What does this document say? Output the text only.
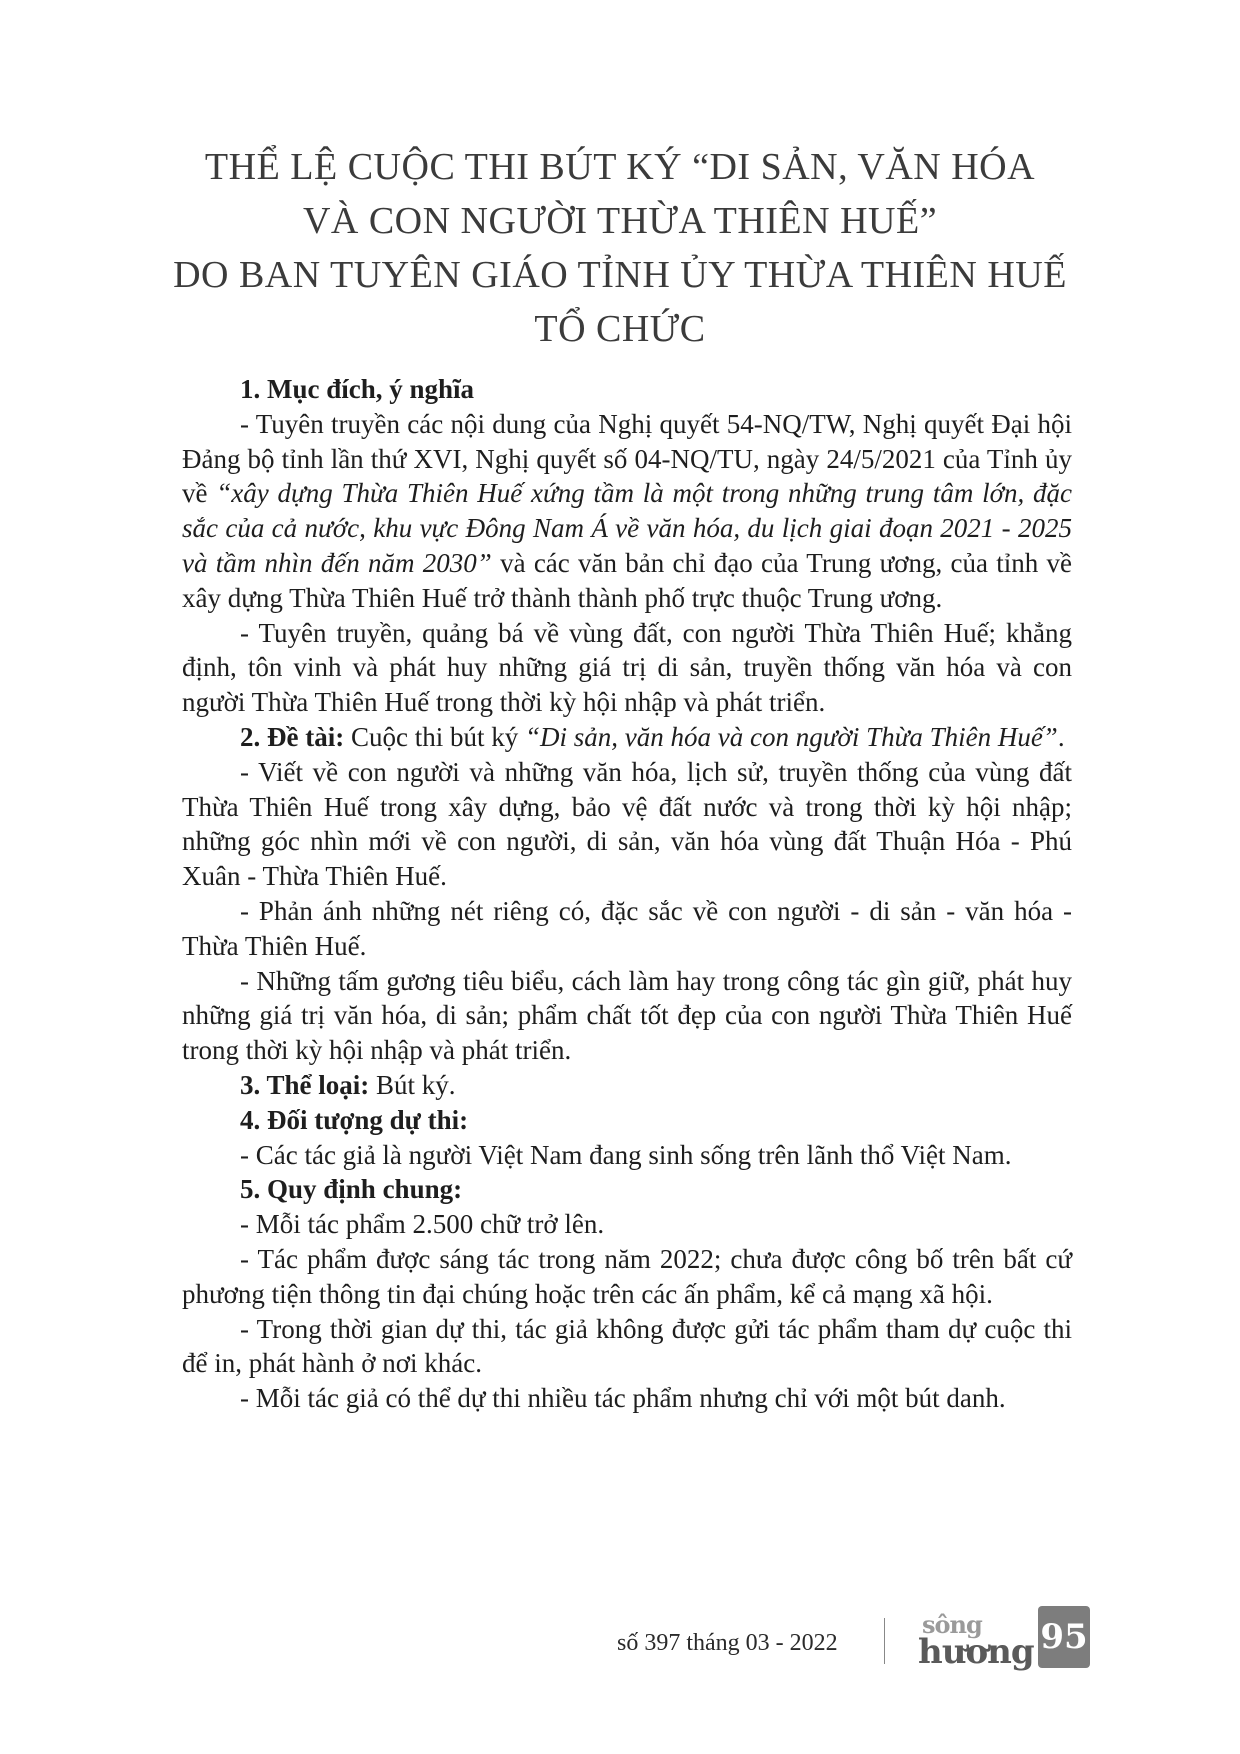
THỂ LỆ CUỘC THI BÚT KÝ “DI SẢN, VĂN HÓA
VÀ CON NGƯỜI THỪA THIÊN HUẾ”
DO BAN TUYÊN GIÁO TỈNH ỦY THỪA THIÊN HUẾ
TỔ CHỨC

1. Mục đích, ý nghĩa

- Tuyên truyền các nội dung của Nghị quyết 54-NQ/TW, Nghị quyết Đại hội Đảng bộ tỉnh lần thứ XVI, Nghị quyết số 04-NQ/TU, ngày 24/5/2021 của Tỉnh ủy về “xây dựng Thừa Thiên Huế xứng tầm là một trong những trung tâm lớn, đặc sắc của cả nước, khu vực Đông Nam Á về văn hóa, du lịch giai đoạn 2021 - 2025 và tầm nhìn đến năm 2030” và các văn bản chỉ đạo của Trung ương, của tỉnh về xây dựng Thừa Thiên Huế trở thành thành phố trực thuộc Trung ương.

- Tuyên truyền, quảng bá về vùng đất, con người Thừa Thiên Huế; khẳng định, tôn vinh và phát huy những giá trị di sản, truyền thống văn hóa và con người Thừa Thiên Huế trong thời kỳ hội nhập và phát triển.

2. Đề tài: Cuộc thi bút ký “Di sản, văn hóa và con người Thừa Thiên Huế”.

- Viết về con người và những văn hóa, lịch sử, truyền thống của vùng đất Thừa Thiên Huế trong xây dựng, bảo vệ đất nước và trong thời kỳ hội nhập; những góc nhìn mới về con người, di sản, văn hóa vùng đất Thuận Hóa - Phú Xuân - Thừa Thiên Huế.

- Phản ánh những nét riêng có, đặc sắc về con người - di sản - văn hóa - Thừa Thiên Huế.

- Những tấm gương tiêu biểu, cách làm hay trong công tác gìn giữ, phát huy những giá trị văn hóa, di sản; phẩm chất tốt đẹp của con người Thừa Thiên Huế trong thời kỳ hội nhập và phát triển.

3. Thể loại: Bút ký.

4. Đối tượng dự thi:

- Các tác giả là người Việt Nam đang sinh sống trên lãnh thổ Việt Nam.

5. Quy định chung:

- Mỗi tác phẩm 2.500 chữ trở lên.

- Tác phẩm được sáng tác trong năm 2022; chưa được công bố trên bất cứ phương tiện thông tin đại chúng hoặc trên các ấn phẩm, kể cả mạng xã hội.

- Trong thời gian dự thi, tác giả không được gửi tác phẩm tham dự cuộc thi để in, phát hành ở nơi khác.

- Mỗi tác giả có thể dự thi nhiều tác phẩm nhưng chỉ với một bút danh.

số 397 tháng 03 - 2022
sông
hương 95
